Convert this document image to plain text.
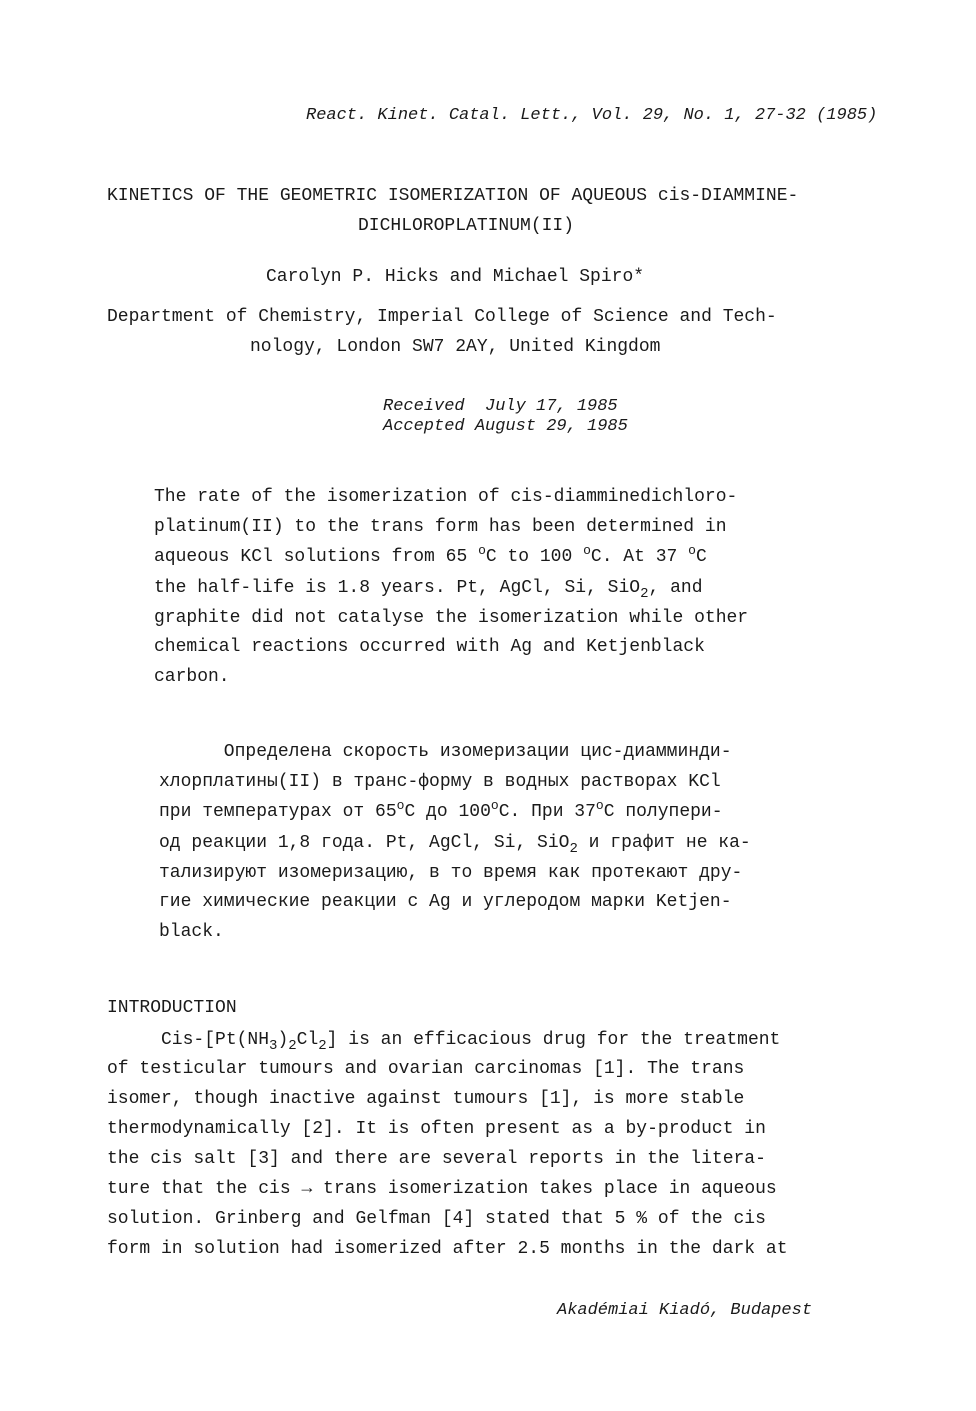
React. Kinet. Catal. Lett., Vol. 29, No. 1, 27-32 (1985)
KINETICS OF THE GEOMETRIC ISOMERIZATION OF AQUEOUS cis-DIAMMINE-
DICHLOROPLATINUM(II)
Carolyn P. Hicks and Michael Spiro*
Department of Chemistry, Imperial College of Science and Tech-
nology, London SW7 2AY, United Kingdom
Received  July 17, 1985
Accepted August 29, 1985
The rate of the isomerization of cis-diamminedichloro-
platinum(II) to the trans form has been determined in
aqueous KCl solutions from 65 $^o$C to 100 $^o$C. At 37 $^o$C
the half-life is 1.8 years. Pt, AgCl, Si, SiO$_2$, and
graphite did not catalyse the isomerization while other
chemical reactions occurred with Ag and Ketjenblack
carbon.
Определена скорость изомеризации цис-диамминди-
хлорплатины(II) в транс-форму в водных растворах KCl
при температурах от 65$^o$C до 100$^o$C. При 37$^o$C полупери-
од реакции 1,8 года. Pt, AgCl, Si, SiO$_2$ и графит не ка-
тализируют изомеризацию, в то время как протекают дру-
гие химические реакции с Ag и углеродом марки Ketjen-
black.
INTRODUCTION
Cis-$[Pt(NH_3)_2Cl_2]$ is an efficacious drug for the treatment
of testicular tumours and ovarian carcinomas [1]. The trans
isomer, though inactive against tumours [1], is more stable
thermodynamically [2]. It is often present as a by-product in
the cis salt [3] and there are several reports in the litera-
ture that the cis → trans isomerization takes place in aqueous
solution. Grinberg and Gelfman [4] stated that 5 % of the cis
form in solution had isomerized after 2.5 months in the dark at
Akadémiai Kiadó, Budapest
